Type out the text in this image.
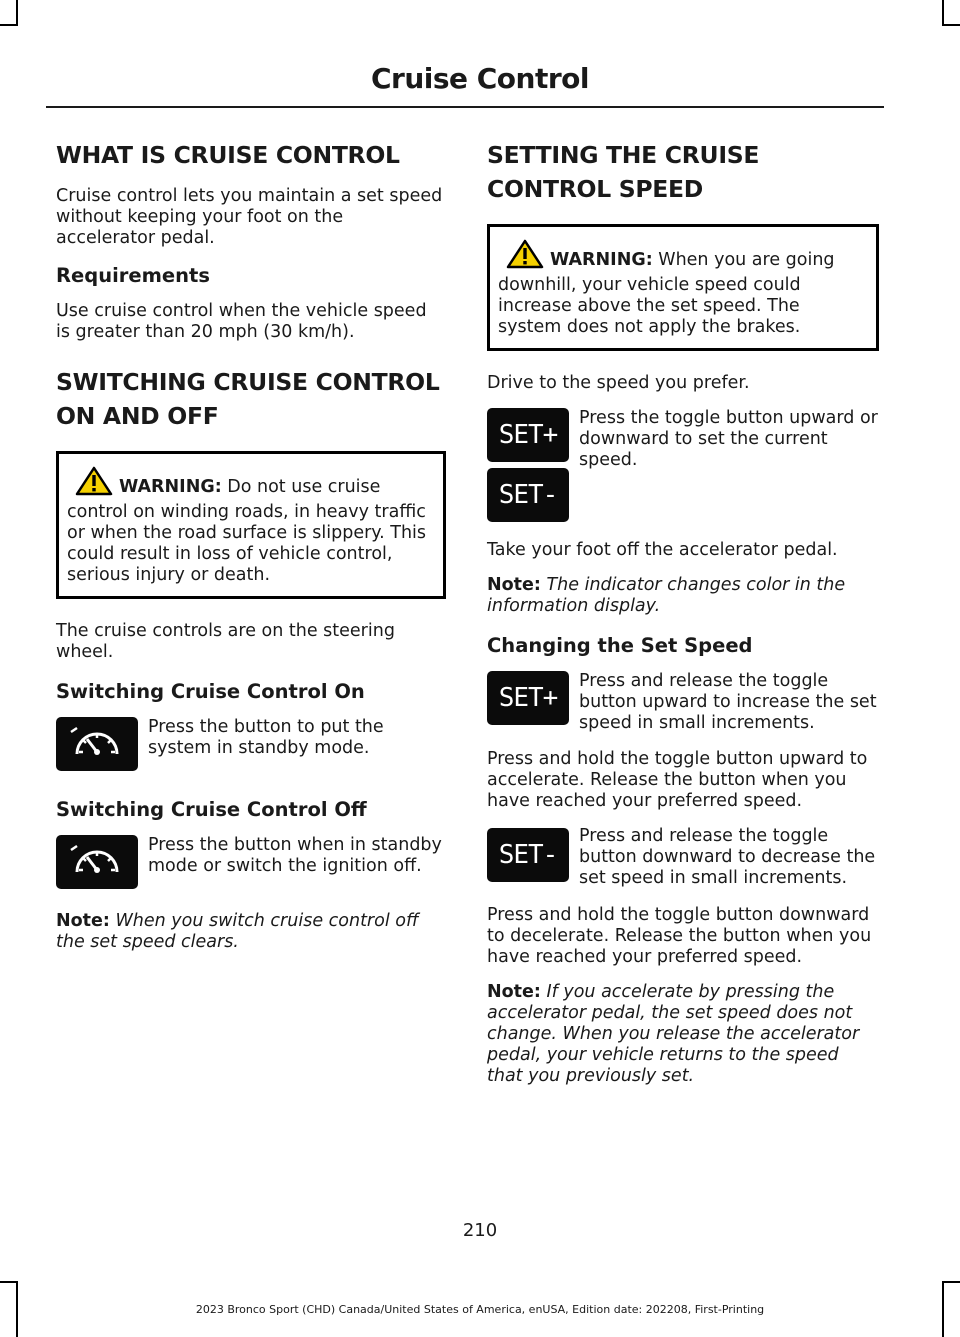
Cruise Control
WHAT IS CRUISE CONTROL

Cruise control lets you maintain a set speed without keeping your foot on the accelerator pedal.

Requirements

Use cruise control when the vehicle speed is greater than 20 mph (30 km/h).

SWITCHING CRUISE CONTROL
ON AND OFF
WARNING: Do not use cruise control on winding roads, in heavy traffic or when the road surface is slippery. This could result in loss of vehicle control, serious injury or death.

The cruise controls are on the steering wheel.

Switching Cruise Control On
Press the button to put the system in standby mode.
Switching Cruise Control Off
Press the button when in standby mode or switch the ignition off.

Note: When you switch cruise control off the set speed clears.

SETTING THE CRUISE
CONTROL SPEED
WARNING: When you are going downhill, your vehicle speed could increase above the set speed. The system does not apply the brakes.

Drive to the speed you prefer.

SET+
SET-
Press the toggle button upward or downward to set the current speed.

Take your foot off the accelerator pedal.

Note: The indicator changes color in the information display.

Changing the Set Speed
SET+
Press and release the toggle button upward to increase the set speed in small increments.

Press and hold the toggle button upward to accelerate. Release the button when you have reached your preferred speed.

SET-
Press and release the toggle button downward to decrease the set speed in small increments.

Press and hold the toggle button downward to decelerate. Release the button when you have reached your preferred speed.

Note: If you accelerate by pressing the accelerator pedal, the set speed does not change. When you release the accelerator pedal, your vehicle returns to the speed that you previously set.

210
2023 Bronco Sport (CHD) Canada/United States of America, enUSA, Edition date: 202208, First-Printing
